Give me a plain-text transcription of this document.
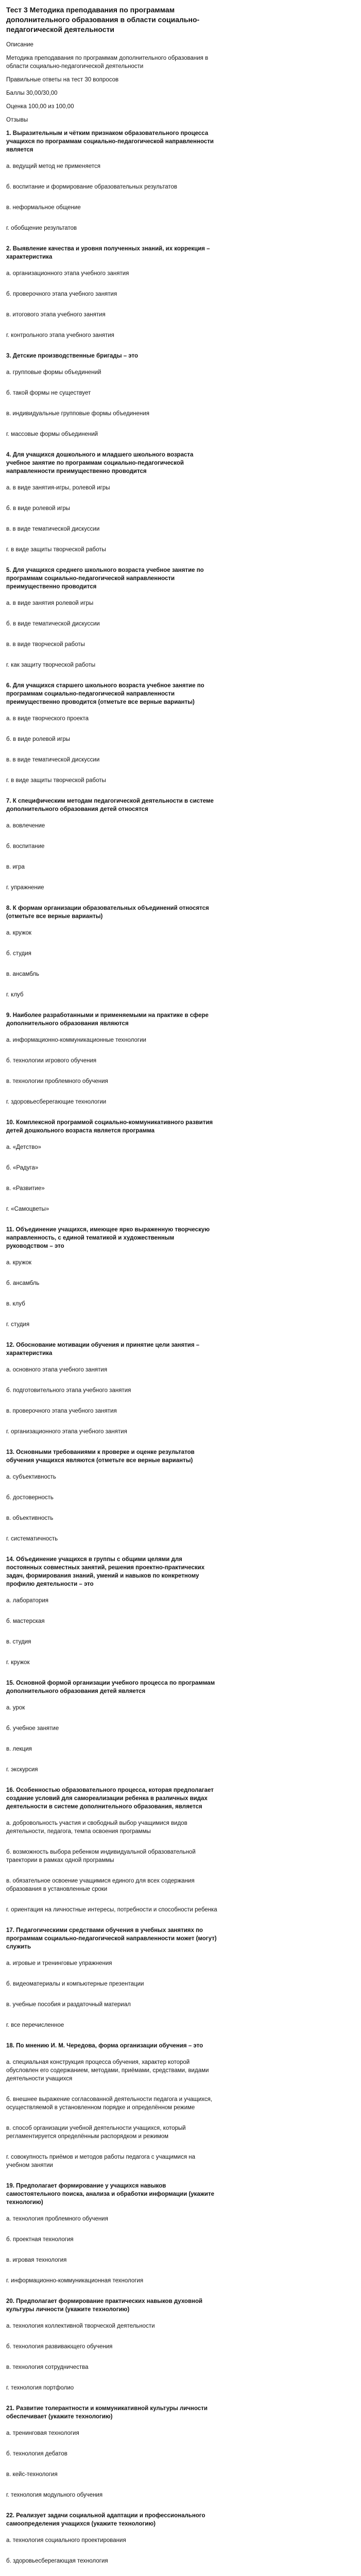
Тест 3 Методика преподавания по программам дополнительного образования в области социально-педагогической деятельности

Описание

Методика преподавания по программам дополнительного образования в области социально-педагогической деятельности

Правильные ответы на тест 30 вопросов

Баллы 30,00/30,00

Оценка 100,00 из 100,00

Отзывы

1. Выразительным и чётким признаком образовательного процесса учащихся по программам социально-педагогической направленности является

а. ведущий метод не применяется

б. воспитание и формирование образовательных результатов

в. неформальное общение

г. обобщение результатов

2. Выявление качества и уровня полученных знаний, их коррекция – характеристика

а. организационного этапа учебного занятия

б. проверочного этапа учебного занятия

в. итогового этапа учебного занятия

г. контрольного этапа учебного занятия

3. Детские производственные бригады – это

а. групповые формы объединений

б. такой формы не существует

в. индивидуальные групповые формы объединения

г. массовые формы объединений

4. Для учащихся дошкольного и младшего школьного возраста учебное занятие по программам социально-педагогической направленности преимущественно проводится

а. в виде занятия-игры, ролевой игры

б. в виде ролевой игры

в. в виде тематической дискуссии

г. в виде защиты творческой работы

5. Для учащихся среднего школьного возраста учебное занятие по программам социально-педагогической направленности преимущественно проводится

а. в виде занятия ролевой игры

б. в виде тематической дискуссии

в. в виде творческой работы

г. как защиту творческой работы

6. Для учащихся старшего школьного возраста учебное занятие по программам социально-педагогической направленности преимущественно проводится (отметьте все верные варианты)

а. в виде творческого проекта

б. в виде ролевой игры

в. в виде тематической дискуссии

г. в виде защиты творческой работы

7. К специфическим методам педагогической деятельности в системе дополнительного образования детей относятся

а. вовлечение

б. воспитание

в. игра

г. упражнение

8. К формам организации образовательных объединений относятся (отметьте все верные варианты)

а. кружок

б. студия

в. ансамбль

г. клуб

9. Наиболее разработанными и применяемыми на практике в сфере дополнительного образования являются

а. информационно-коммуникационные технологии

б. технологии игрового обучения

в. технологии проблемного обучения

г. здоровьесберегающие технологии

10. Комплексной программой социально-коммуникативного развития детей дошкольного возраста является программа

а. «Детство»

б. «Радуга»

в. «Развитие»

г. «Самоцветы»

11. Объединение учащихся, имеющее ярко выраженную творческую направленность, с единой тематикой и художественным руководством – это

а. кружок

б. ансамбль

в. клуб

г. студия

12. Обоснование мотивации обучения и принятие цели занятия – характеристика

а. основного этапа учебного занятия

б. подготовительного этапа учебного занятия

в. проверочного этапа учебного занятия

г. организационного этапа учебного занятия

13. Основными требованиями к проверке и оценке результатов обучения учащихся являются (отметьте все верные варианты)

а. субъективность

б. достоверность

в. объективность

г. систематичность

14. Объединение учащихся в группы с общими целями для постоянных совместных занятий, решения проектно-практических задач, формирования знаний, умений и навыков по конкретному профилю деятельности – это

а. лаборатория

б. мастерская

в. студия

г. кружок

15. Основной формой организации учебного процесса по программам дополнительного образования детей является

а. урок

б. учебное занятие

в. лекция

г. экскурсия

16. Особенностью образовательного процесса, которая предполагает создание условий для самореализации ребенка в различных видах деятельности в системе дополнительного образования, является

а. добровольность участия и свободный выбор учащимися видов деятельности, педагога, темпа освоения программы

б. возможность выбора ребенком индивидуальной образовательной траектории в рамках одной программы

в. обязательное освоение учащимися единого для всех содержания образования в установленные сроки

г. ориентация на личностные интересы, потребности и способности ребенка

17. Педагогическими средствами обучения в учебных занятиях по программам социально-педагогической направленности может (могут) служить

а. игровые и тренинговые упражнения

б. видеоматериалы и компьютерные презентации

в. учебные пособия и раздаточный материал

г. все перечисленное

18. По мнению И. М. Чередова, форма организации обучения – это

а. специальная конструкция процесса обучения, характер которой обусловлен его содержанием, методами, приёмами, средствами, видами деятельности учащихся

б. внешнее выражение согласованной деятельности педагога и учащихся, осуществляемой в установленном порядке и определённом режиме

в. способ организации учебной деятельности учащихся, который регламентируется определённым распорядком и режимом

г. совокупность приёмов и методов работы педагога с учащимися на учебном занятии

19. Предполагает формирование у учащихся навыков самостоятельного поиска, анализа и обработки информации (укажите технологию)

а. технология проблемного обучения

б. проектная технология

в. игровая технология

г. информационно-коммуникационная технология

20. Предполагает формирование практических навыков духовной культуры личности (укажите технологию)

а. технология коллективной творческой деятельности

б. технология развивающего обучения

в. технология сотрудничества

г. технология портфолио

21. Развитие толерантности и коммуникативной культуры личности обеспечивает (укажите технологию)

а. тренинговая технология

б. технология дебатов

в. кейс-технология

г. технология модульного обучения

22. Реализует задачи социальной адаптации и профессионального самоопределения учащихся (укажите технологию)

а. технология социального проектирования

б. здоровьесберегающая технология
